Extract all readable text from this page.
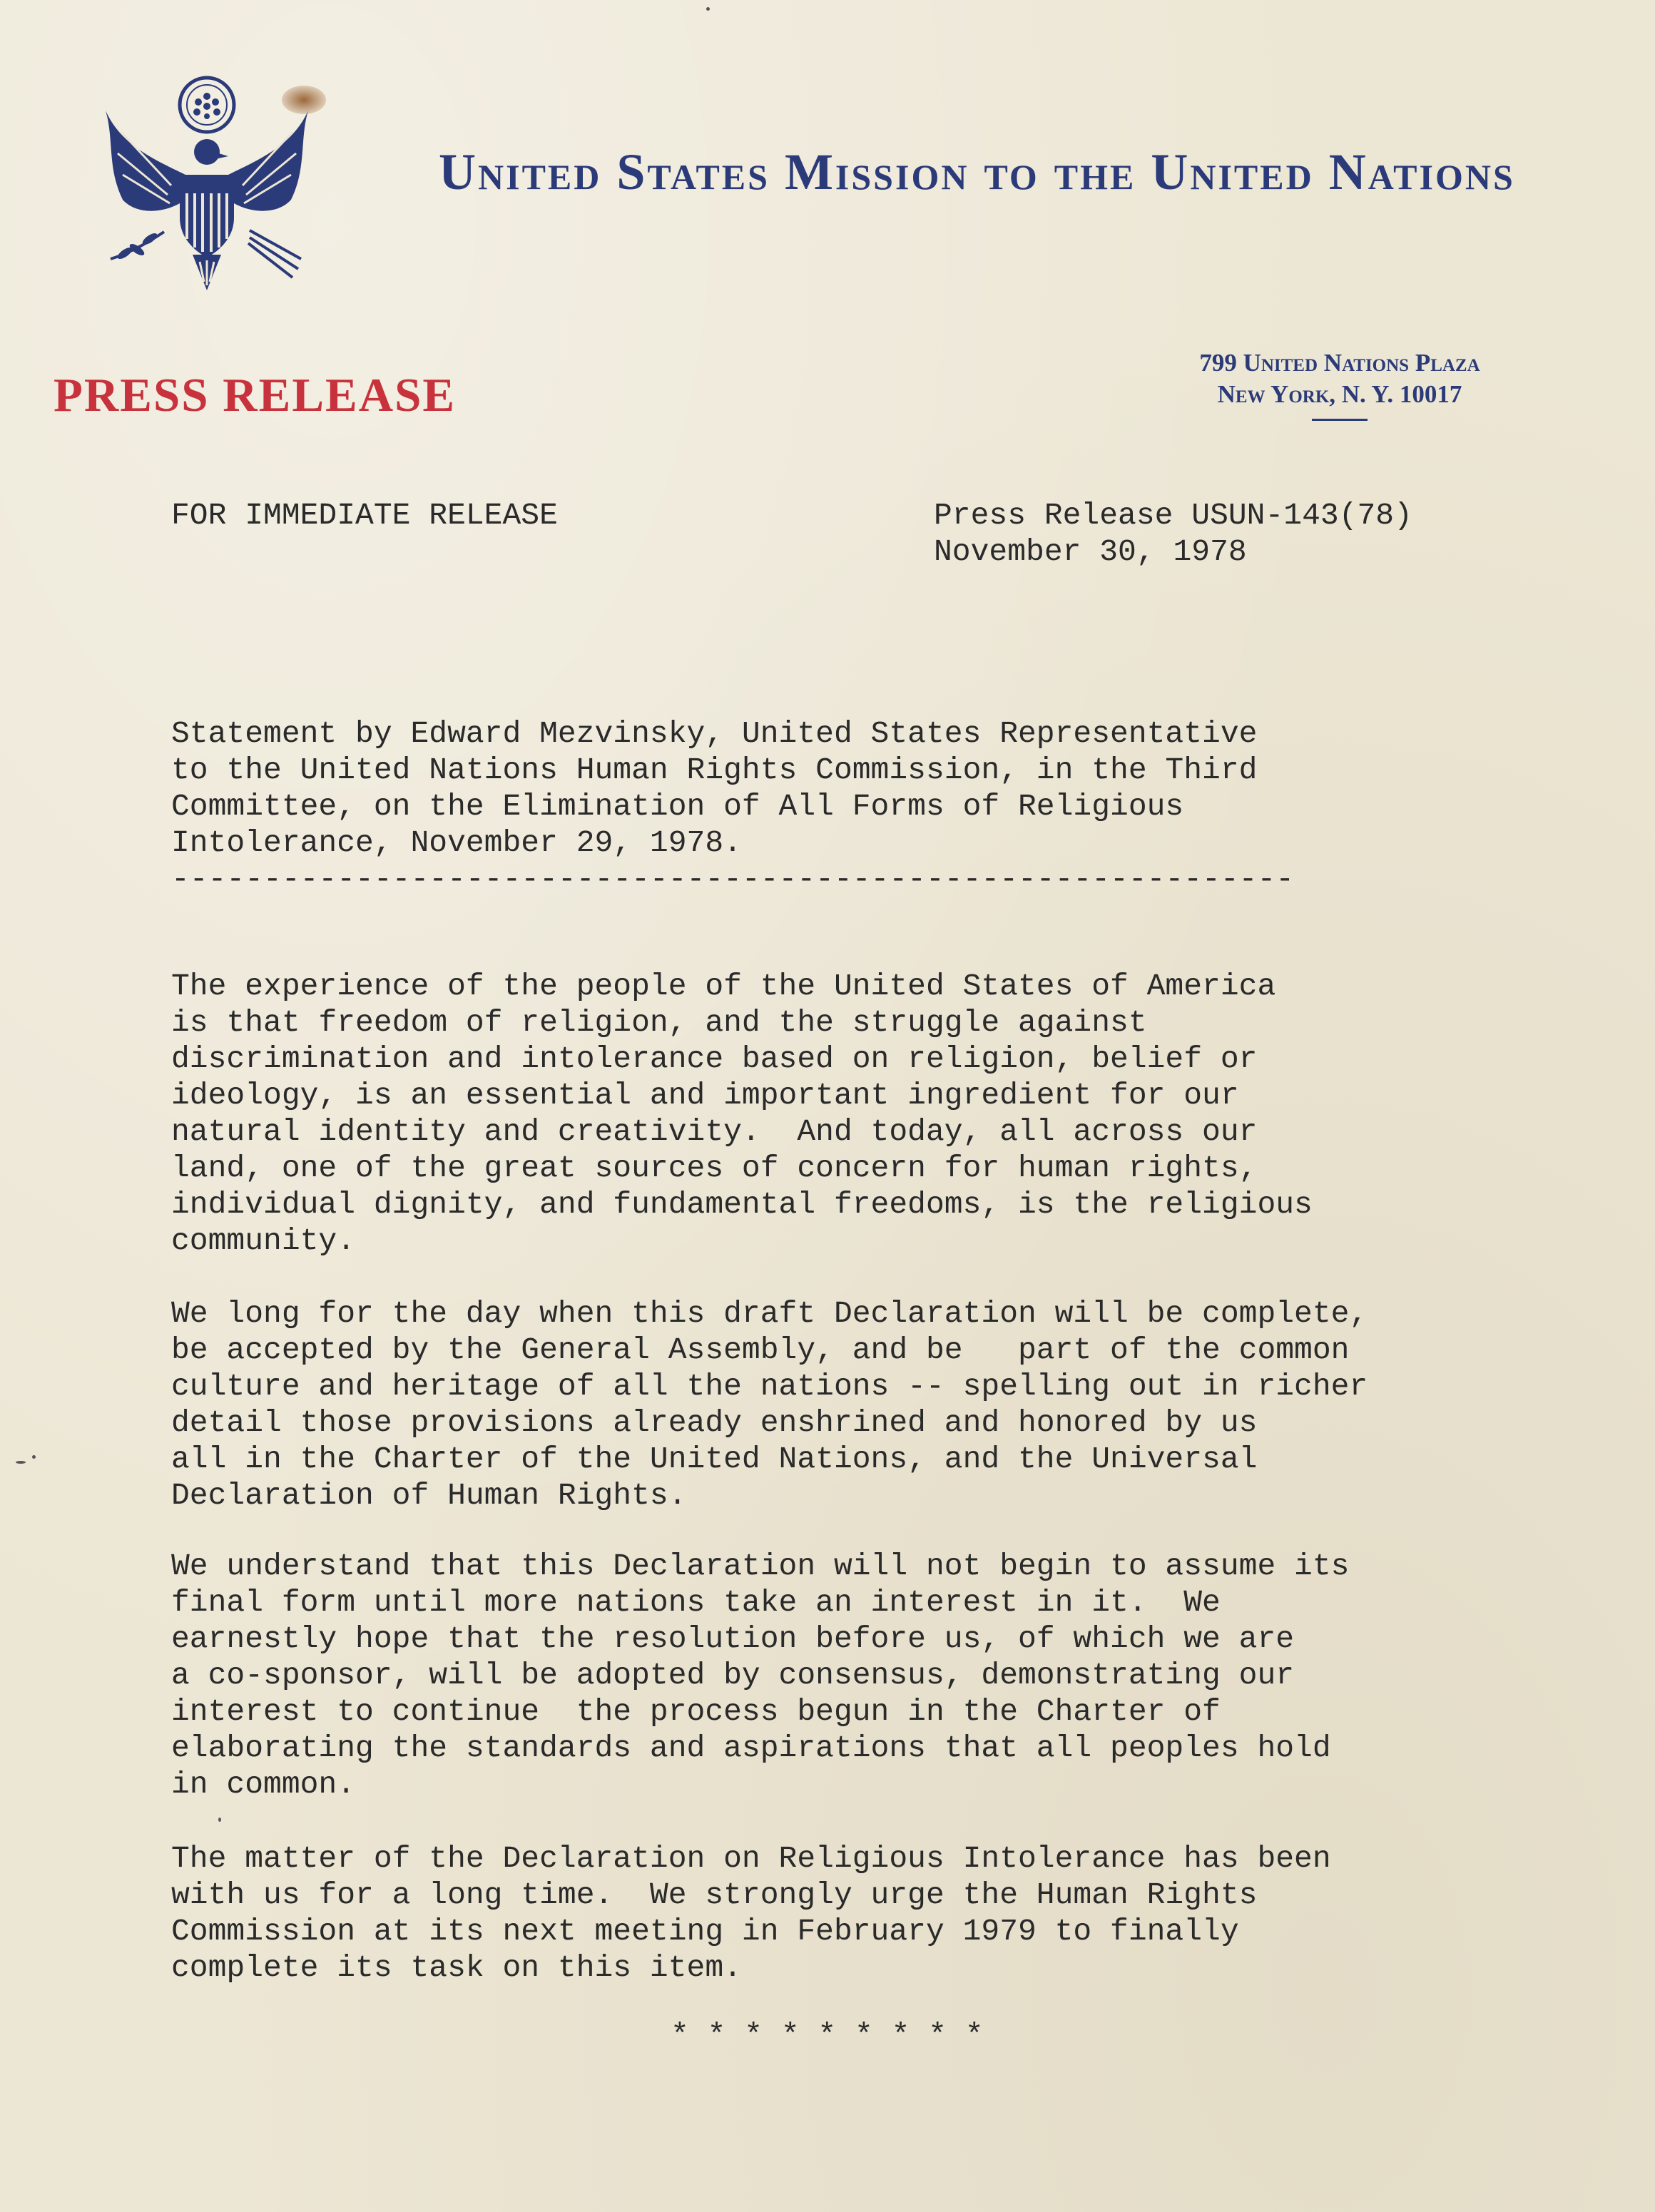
United States Mission to the United Nations
PRESS RELEASE
799 United Nations Plaza
New York, N. Y. 10017
FOR IMMEDIATE RELEASE	Press Release USUN-143(78)
November 30, 1978
Statement by Edward Mezvinsky, United States Representative
to the United Nations Human Rights Commission, in the Third
Committee, on the Elimination of All Forms of Religious
Intolerance, November 29, 1978.
-------------------------------------------------------------
The experience of the people of the United States of America
is that freedom of religion, and the struggle against
discrimination and intolerance based on religion, belief or
ideology, is an essential and important ingredient for our
natural identity and creativity.  And today, all across our
land, one of the great sources of concern for human rights,
individual dignity, and fundamental freedoms, is the religious
community.
We long for the day when this draft Declaration will be complete,
be accepted by the General Assembly, and be   part of the common
culture and heritage of all the nations -- spelling out in richer
detail those provisions already enshrined and honored by us
all in the Charter of the United Nations, and the Universal
Declaration of Human Rights.
We understand that this Declaration will not begin to assume its
final form until more nations take an interest in it.  We
earnestly hope that the resolution before us, of which we are
a co-sponsor, will be adopted by consensus, demonstrating our
interest to continue  the process begun in the Charter of
elaborating the standards and aspirations that all peoples hold
in common.
The matter of the Declaration on Religious Intolerance has been
with us for a long time.  We strongly urge the Human Rights
Commission at its next meeting in February 1979 to finally
complete its task on this item.
* * * * * * * * *
